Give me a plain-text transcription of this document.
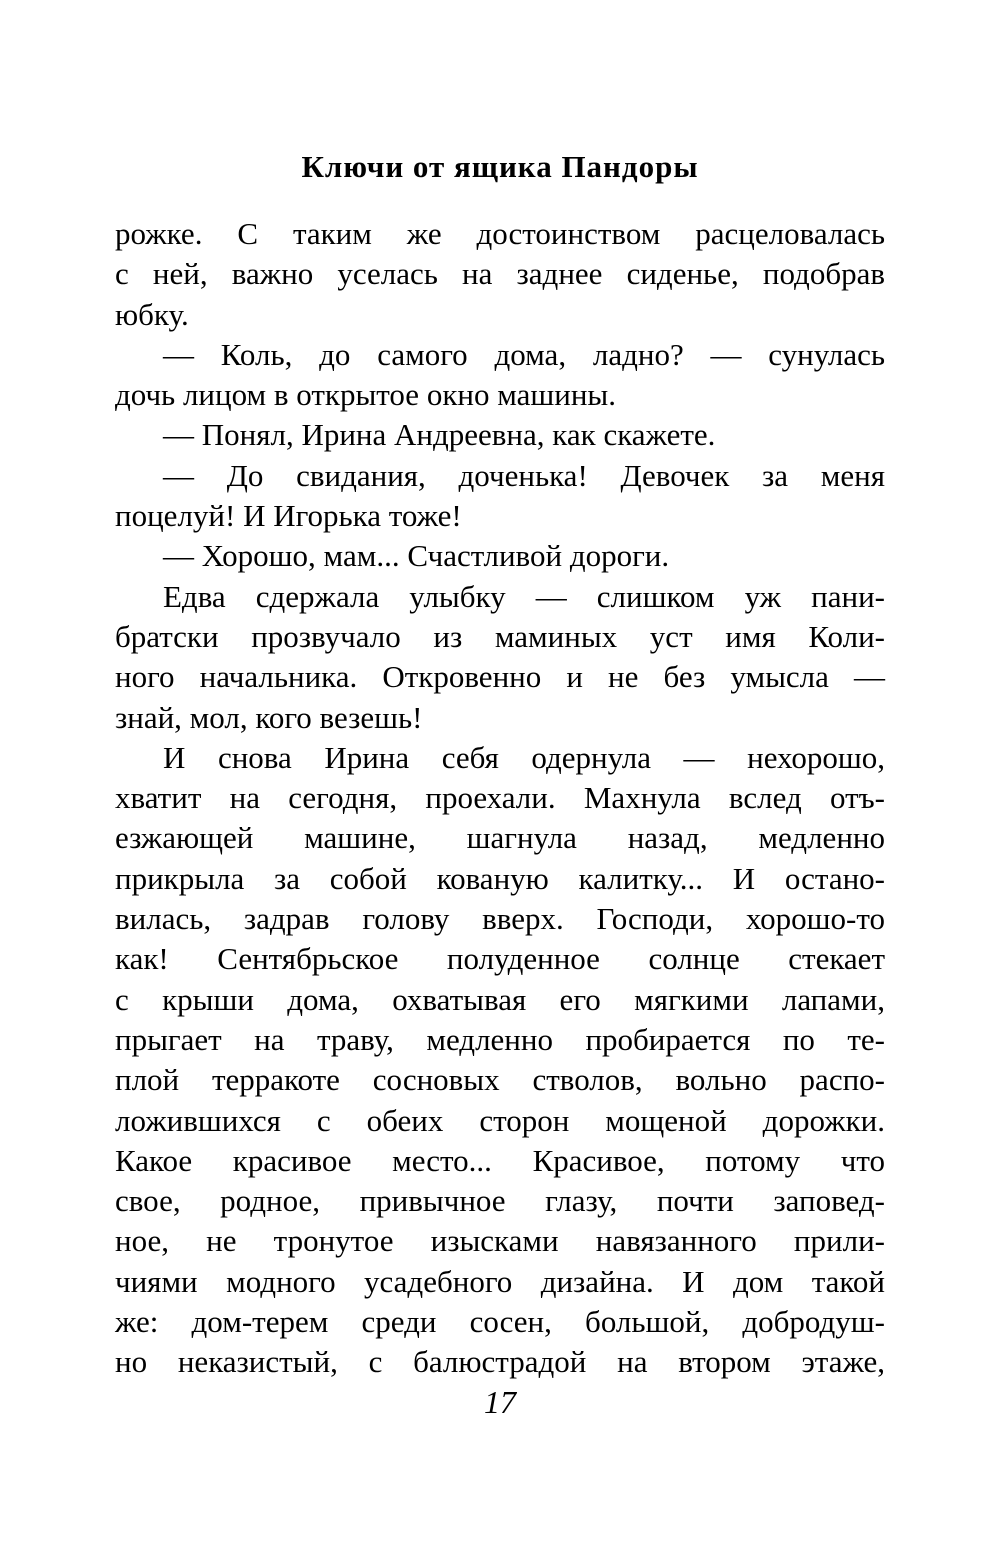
Ключи от ящика Пандоры
рожке. С таким же достоинством расцеловалась
с ней, важно уселась на заднее сиденье, подобрав
юбку.
— Коль, до самого дома, ладно? — сунулась
дочь лицом в открытое окно машины.
— Понял, Ирина Андреевна, как скажете.
— До свидания, доченька! Девочек за меня
поцелуй! И Игорька тоже!
— Хорошо, мам... Счастливой дороги.
Едва сдержала улыбку — слишком уж пани-
братски прозвучало из маминых уст имя Коли-
ного начальника. Откровенно и не без умысла —
знай, мол, кого везешь!
И снова Ирина себя одернула — нехорошо,
хватит на сегодня, проехали. Махнула вслед отъ-
езжающей машине, шагнула назад, медленно
прикрыла за собой кованую калитку... И остано-
вилась, задрав голову вверх. Господи, хорошо-то
как! Сентябрьское полуденное солнце стекает
с крыши дома, охватывая его мягкими лапами,
прыгает на траву, медленно пробирается по те-
плой терракоте сосновых стволов, вольно распо-
ложившихся с обеих сторон мощеной дорожки.
Какое красивое место... Красивое, потому что
свое, родное, привычное глазу, почти заповед-
ное, не тронутое изысками навязанного прили-
чиями модного усадебного дизайна. И дом такой
же: дом-терем среди сосен, большой, добродуш-
но неказистый, с балюстрадой на втором этаже,
17
